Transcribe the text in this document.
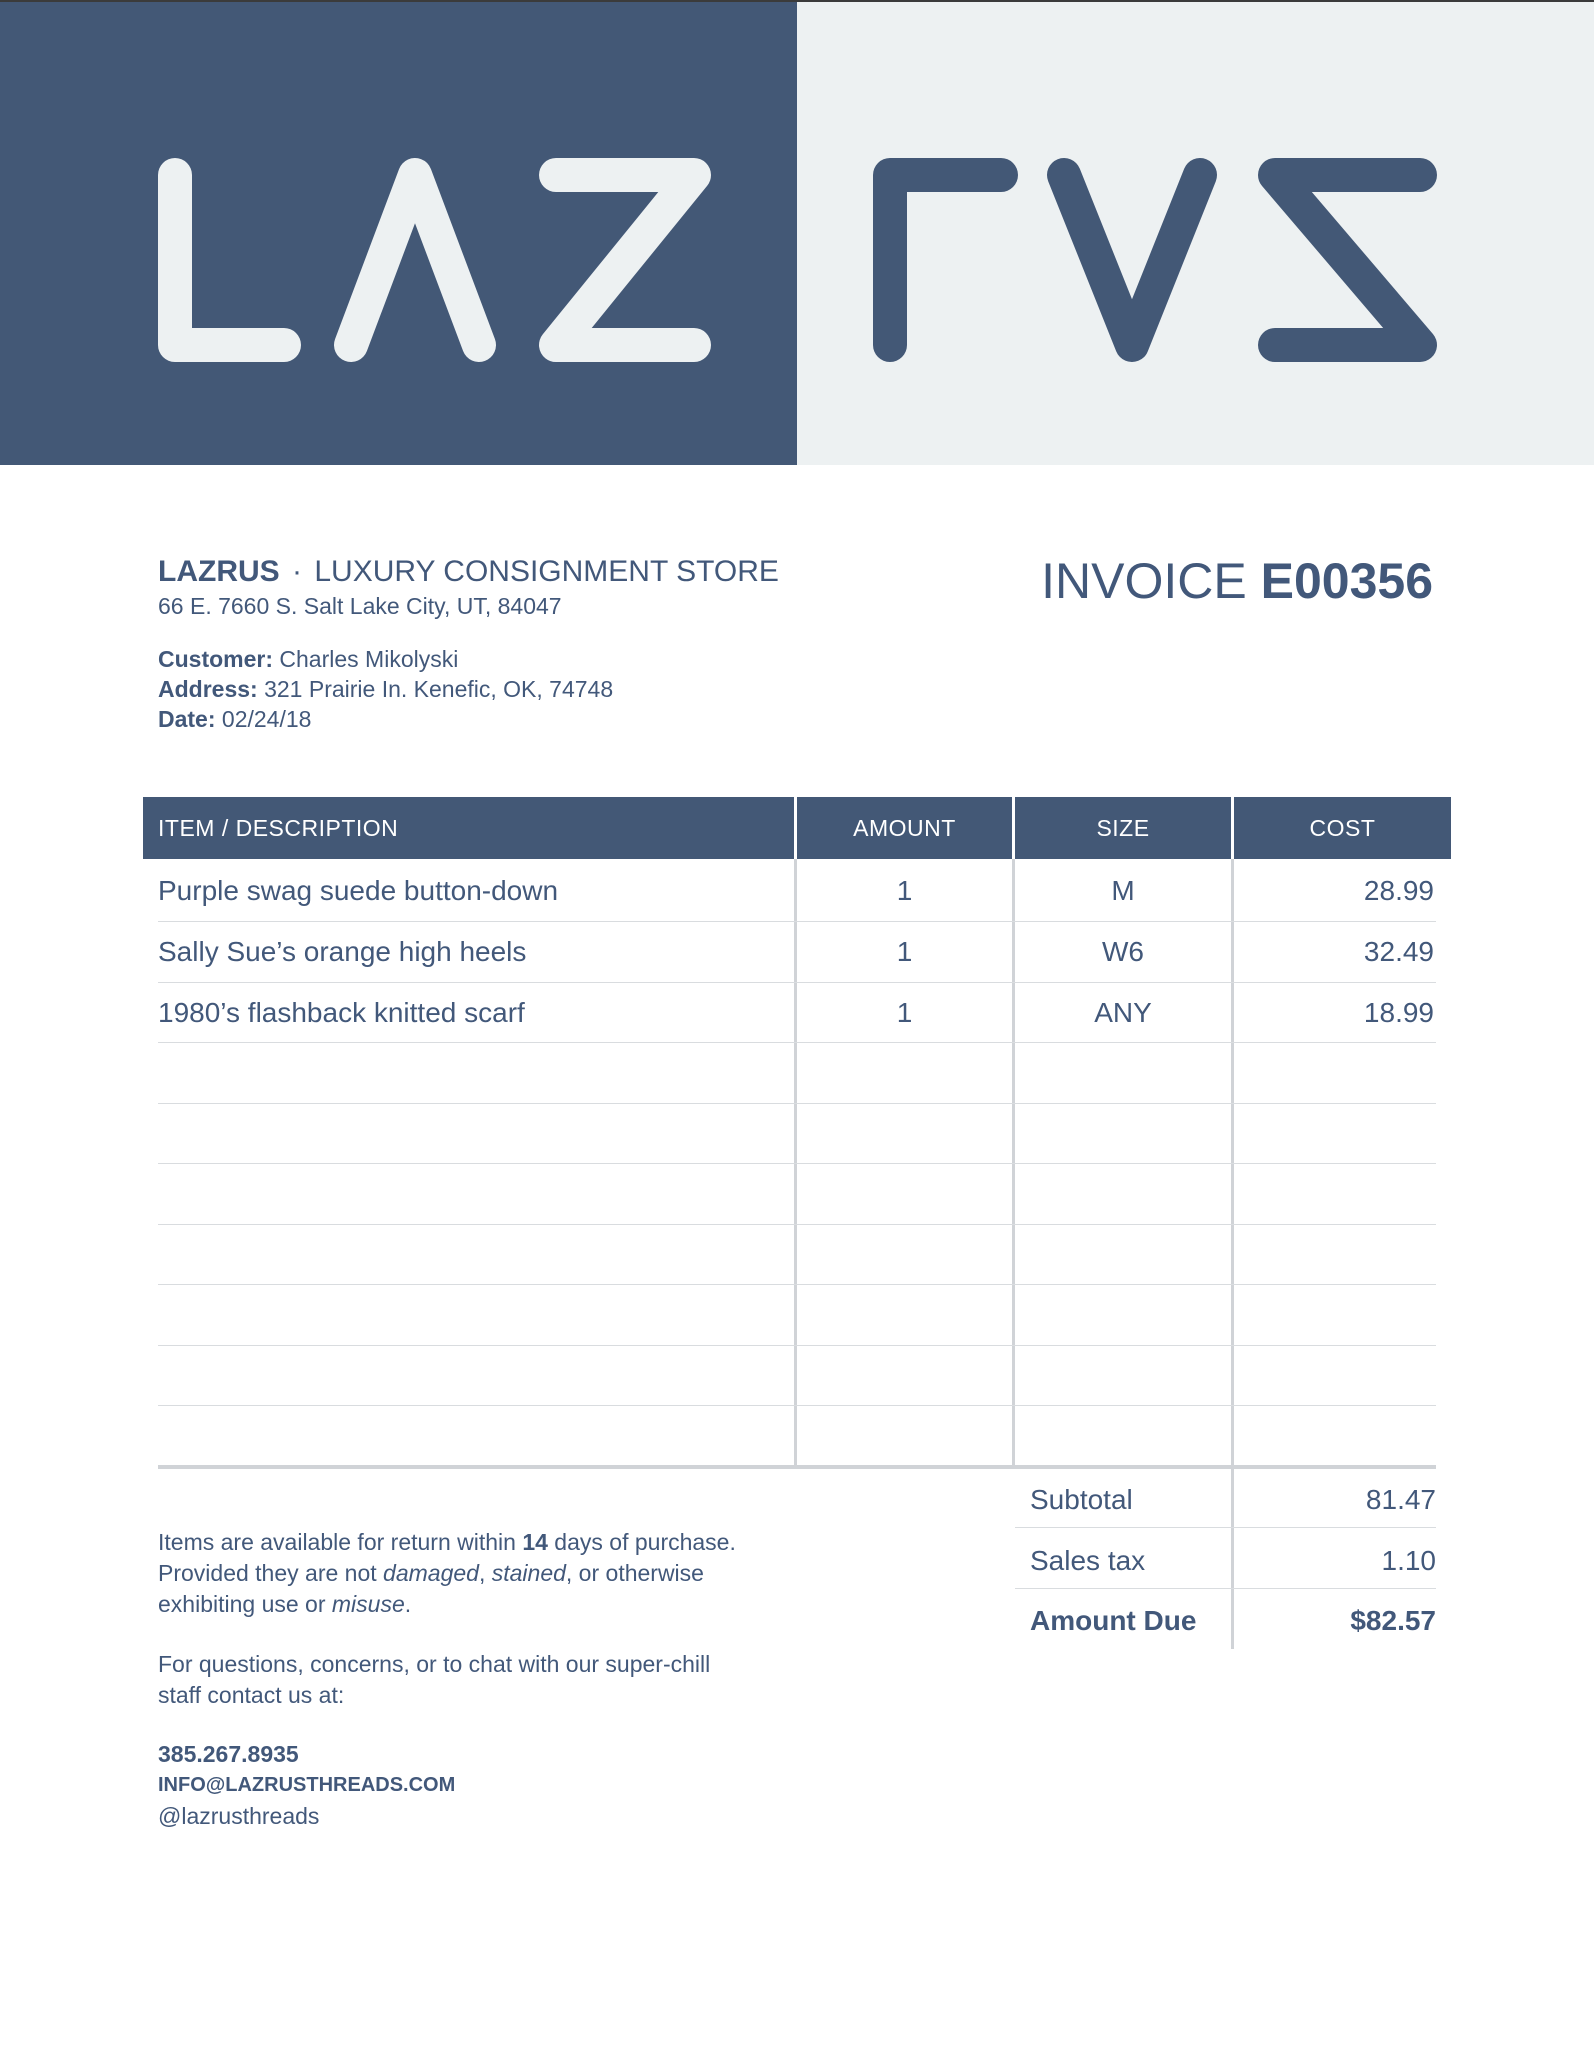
LAZRUS · LUXURY CONSIGNMENT STORE
66 E. 7660 S. Salt Lake City, UT, 84047	INVOICE E00356
Customer: Charles Mikolyski
Address: 321 Prairie In. Kenefic, OK, 74748
Date: 02/24/18
ITEM / DESCRIPTION	AMOUNT	SIZE	COST
Purple swag suede button-down	1	M	28.99
Sally Sue’s orange high heels	1	W6	32.49
1980’s flashback knitted scarf	1	ANY	18.99
Subtotal	81.47
Sales tax	1.10
Amount Due	$82.57
Items are available for return within 14 days of purchase.
Provided they are not damaged, stained, or otherwise
exhibiting use or misuse.
For questions, concerns, or to chat with our super-chill
staff contact us at:
385.267.8935
INFO@LAZRUSTHREADS.COM
@lazrusthreads
